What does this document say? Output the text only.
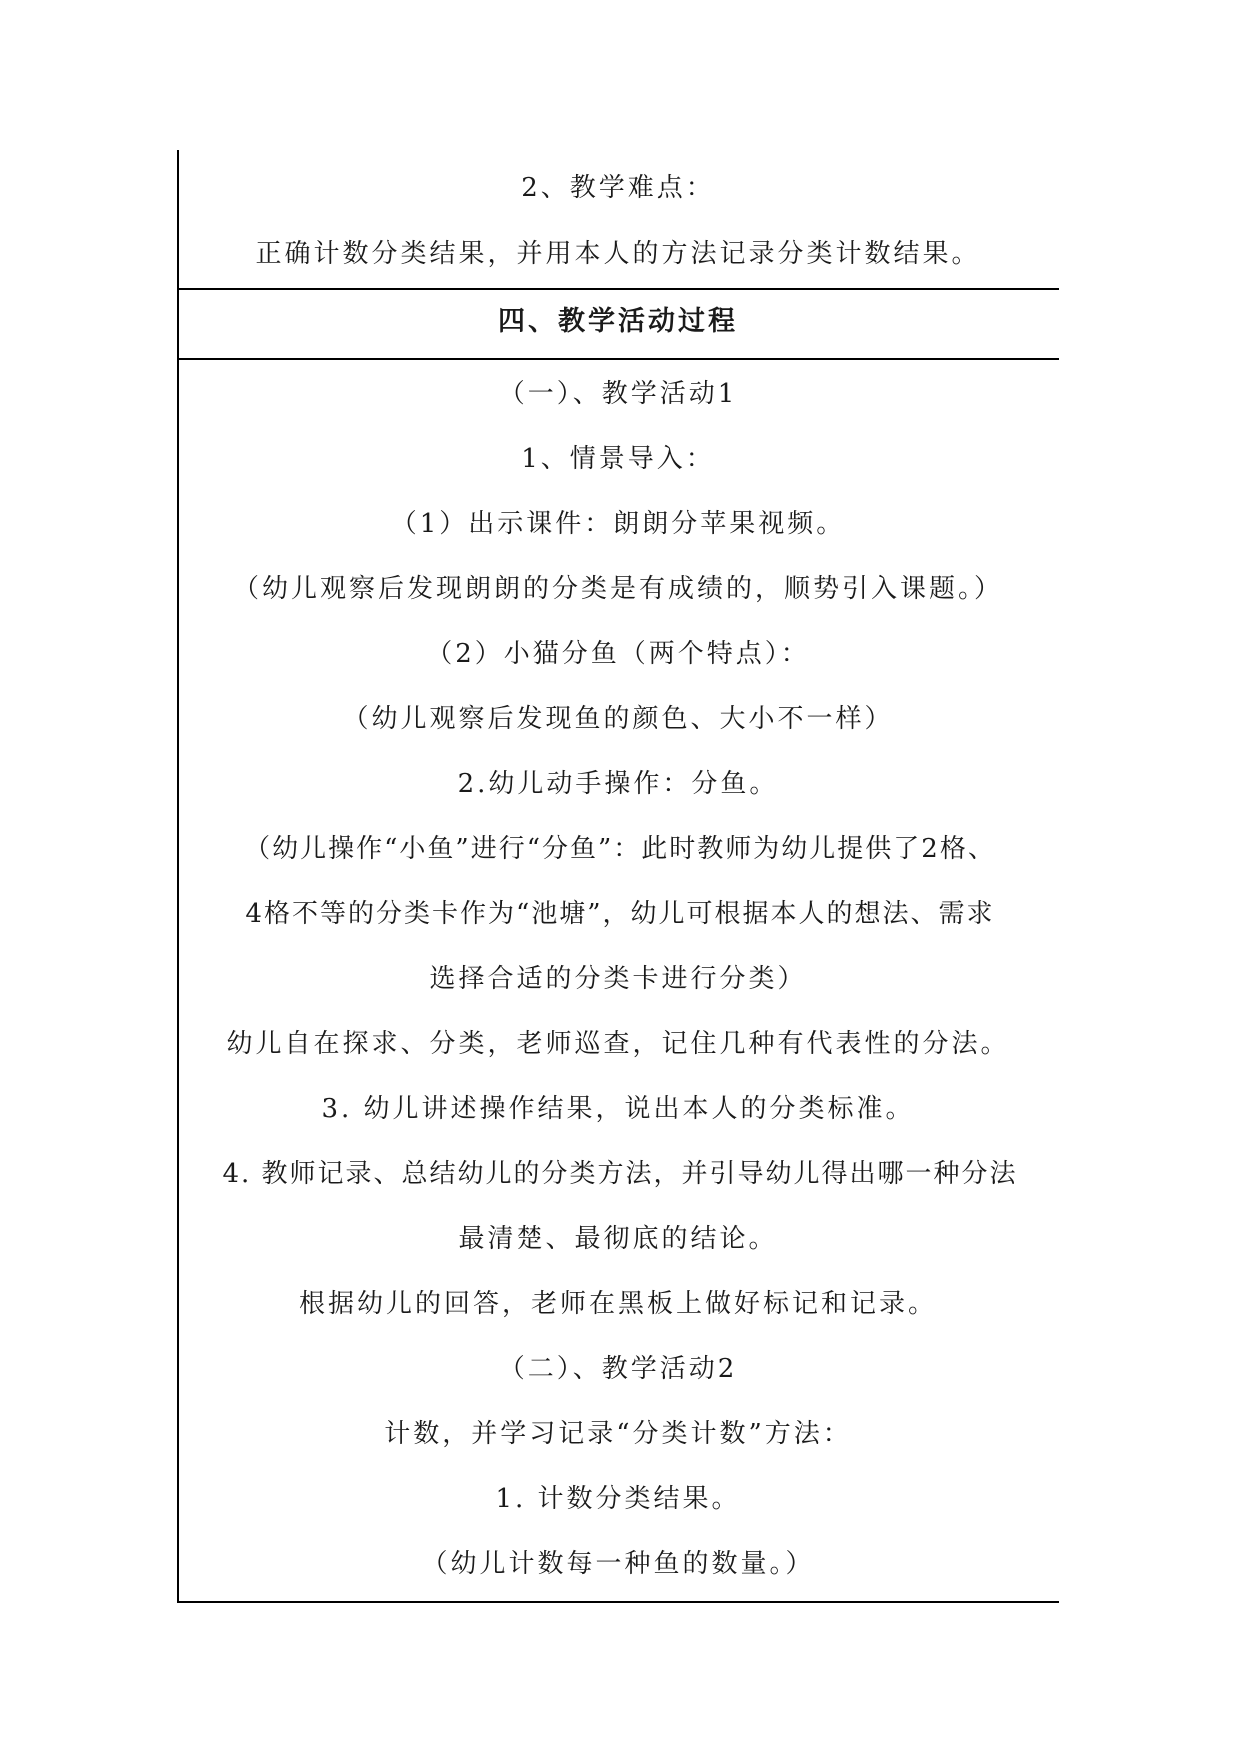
2、教学难点：
正确计数分类结果，并用本人的方法记录分类计数结果。
四、教学活动过程
（一）、教学活动1
1、情景导入：
（1）出示课件：朗朗分苹果视频。
（幼儿观察后发现朗朗的分类是有成绩的，顺势引入课题。）
（2）小猫分鱼（两个特点）：
（幼儿观察后发现鱼的颜色、大小不一样）
2.幼儿动手操作：分鱼。
（幼儿操作“小鱼”进行“分鱼”：此时教师为幼儿提供了2格、
4格不等的分类卡作为“池塘”，幼儿可根据本人的想法、需求
选择合适的分类卡进行分类）
幼儿自在探求、分类，老师巡查，记住几种有代表性的分法。
3. 幼儿讲述操作结果，说出本人的分类标准。
4. 教师记录、总结幼儿的分类方法，并引导幼儿得出哪一种分法
最清楚、最彻底的结论。
根据幼儿的回答，老师在黑板上做好标记和记录。
（二）、教学活动2
计数，并学习记录“分类计数”方法：
1. 计数分类结果。
（幼儿计数每一种鱼的数量。）
